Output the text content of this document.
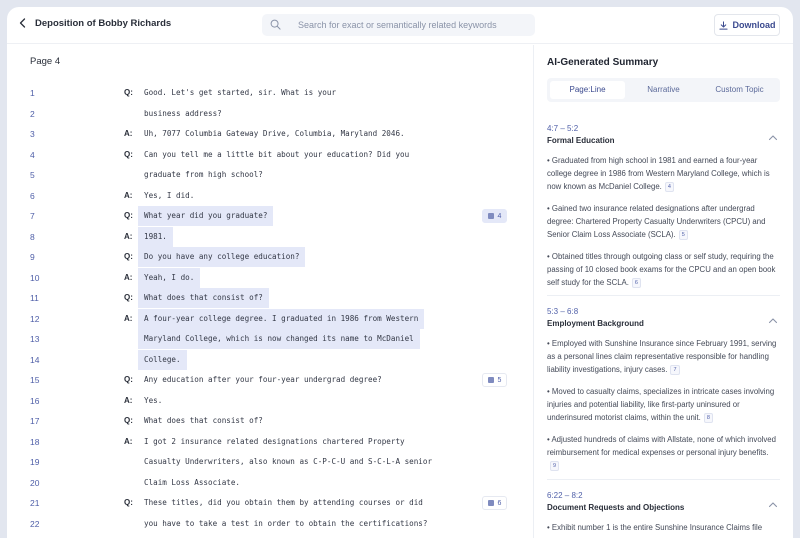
Deposition of Bobby Richards
Search for exact or semantically related keywords	Download
Page 4
1	Q:	Good. Let's get started, sir. What is your
2	business address?
3	A:	Uh, 7077 Columbia Gateway Drive, Columbia, Maryland 2046.
4	Q:	Can you tell me a little bit about your education? Did you
5	graduate from high school?
6	A:	Yes, I did.
7	Q:	What year did you graduate?	4
8	A:	1981.
9	Q:	Do you have any college education?
10	A:	Yeah, I do.
11	Q:	What does that consist of?
12	A:	A four-year college degree. I graduated in 1986 from Western
13	Maryland College, which is now changed its name to McDaniel
14	College.
15	Q:	Any education after your four-year undergrad degree?	5
16	A:	Yes.
17	Q:	What does that consist of?
18	A:	I got 2 insurance related designations chartered Property
19	Casualty Underwriters, also known as C-P-C-U and S-C-L-A senior
20	Claim Loss Associate.
21	Q:	These titles, did you obtain them by attending courses or did	6
22	you have to take a test in order to obtain the certifications?
AI-Generated Summary
Page:Line	Narrative	Custom Topic
4:7 – 5:2
Formal Education
• Graduated from high school in 1981 and earned a four-year college degree in 1986 from Western Maryland College, which is now known as McDaniel College. 4
• Gained two insurance related designations after undergrad degree: Chartered Property Casualty Underwriters (CPCU) and Senior Claim Loss Associate (SCLA). 5
• Obtained titles through outgoing class or self study, requiring the passing of 10 closed book exams for the CPCU and an open book self study for the SCLA. 6
5:3 – 6:8
Employment Background
• Employed with Sunshine Insurance since February 1991, serving as a personal lines claim representative responsible for handling liability investigations, injury cases. 7
• Moved to casualty claims, specializes in intricate cases involving injuries and potential liability, like first-party uninsured or underinsured motorist claims, within the unit. 8
• Adjusted hundreds of claims with Allstate, none of which involved reimbursement for medical expenses or personal injury benefits.9
6:22 – 8:2
Document Requests and Objections
• Exhibit number 1 is the entire Sunshine Insurance Claims file
